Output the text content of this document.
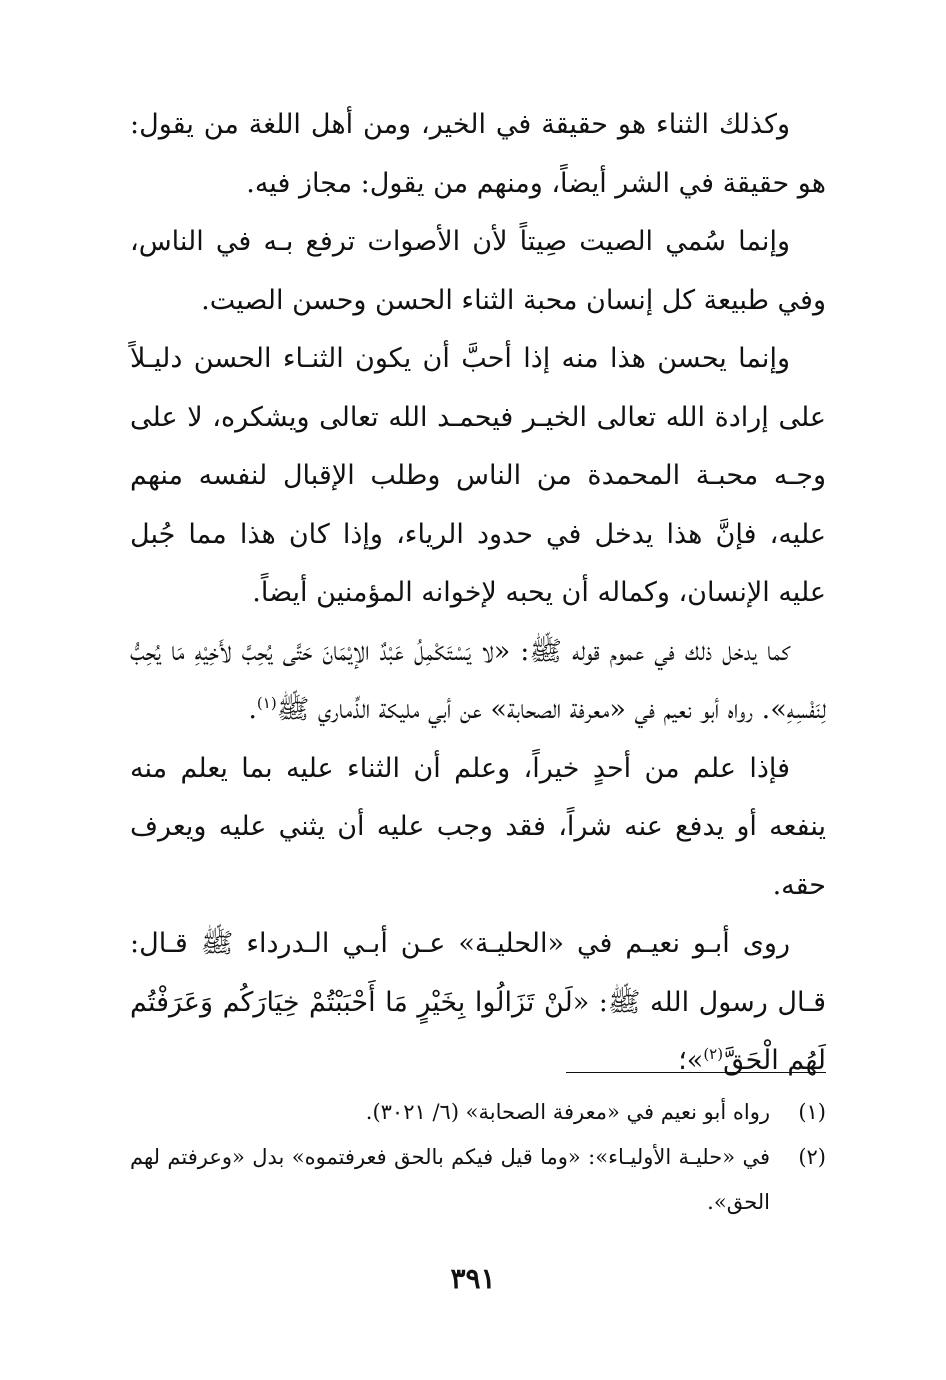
وكذلك الثناء هو حقيقة في الخير، ومن أهل اللغة من يقول: هو حقيقة في الشر أيضاً، ومنهم من يقول: مجاز فيه.

وإنما سُمي الصيت صِيتاً لأن الأصوات ترفع بـه في الناس، وفي طبيعة كل إنسان محبة الثناء الحسن وحسن الصيت.

وإنما يحسن هذا منه إذا أحبَّ أن يكون الثنـاء الحسن دليـلاً على إرادة الله تعالى الخيـر فيحمـد الله تعالى ويشكره، لا على وجـه محبـة المحمدة من الناس وطلب الإقبال لنفسه منهم عليه، فإنَّ هذا يدخل في حدود الرياء، وإذا كان هذا مما جُبل عليه الإنسان، وكماله أن يحبه لإخوانه المؤمنين أيضاً.

كما يدخل ذلك في عموم قوله ﷺ: «لا يَسْتَكْمِلُ عَبْدٌ الإيْمَانَ حَتَّى يُحِبَّ لأَخِيْهِ مَا يُحِبُّ لِنَفْسِهِ». رواه أبو نعيم في «معرفة الصحابة» عن أبي مليكة الذِّماري ﷺ$^{(١)}$.

فإذا علم من أحدٍ خيراً، وعلم أن الثناء عليه بما يعلم منه ينفعه أو يدفع عنه شراً، فقد وجب عليه أن يثني عليه ويعرف حقه.

روى أبـو نعيـم في «الحليـة» عـن أبـي الـدرداء ﷺ قـال: قـال رسول الله ﷺ: «لَنْ تَزَالُوا بِخَيْرٍ مَا أَحْبَبْتُمْ خِيَارَكُم وَعَرَفْتُم لَهُم الْحَقَّ$^{(٢)}$»؛

(١)
رواه أبو نعيم في «معرفة الصحابة» (٦/ ٣٠٢١).

(٢)
في «حليـة الأوليـاء»: «وما قيل فيكم بالحق فعرفتموه» بدل «وعرفتم لهم الحق».

٣٩١
